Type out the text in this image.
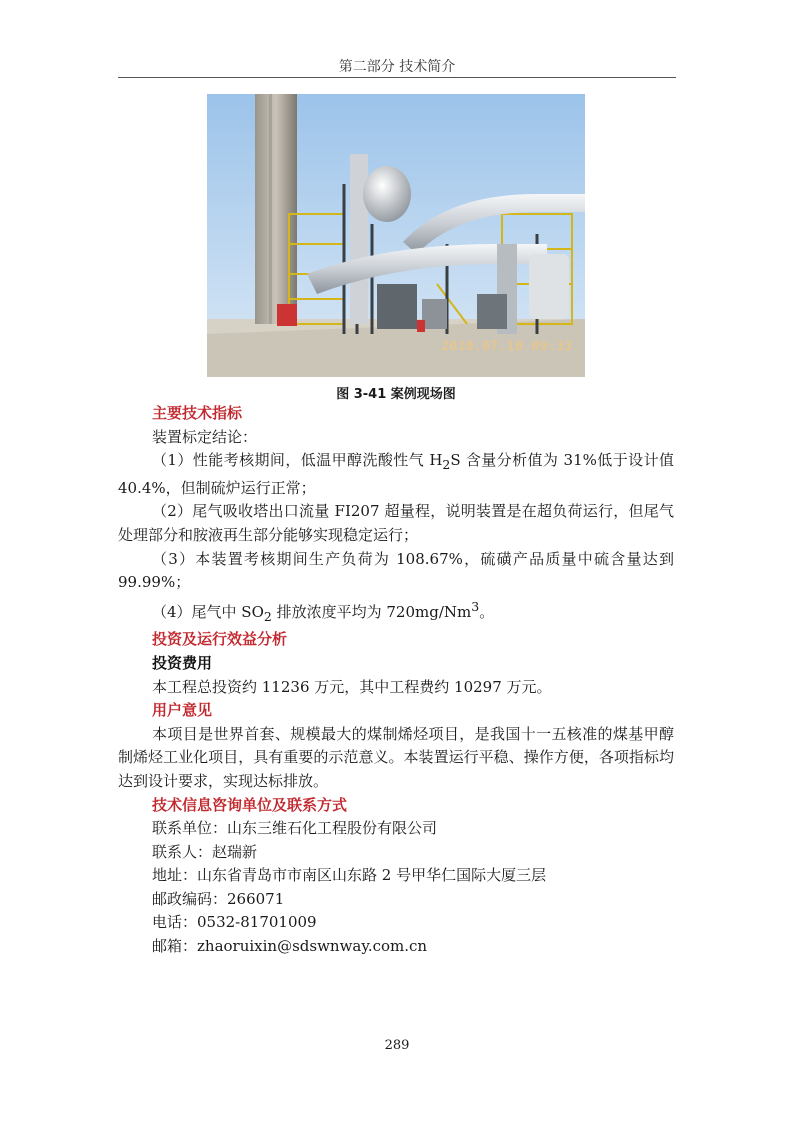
第二部分 技术简介
2010.07.10 09:33
图 3-41 案例现场图

主要技术指标

装置标定结论：

（1）性能考核期间，低温甲醇洗酸性气 $H_2S$ 含量分析值为 31%低于设计值 40.4%，但制硫炉运行正常；

（2）尾气吸收塔出口流量 FI207 超量程，说明装置是在超负荷运行，但尾气处理部分和胺液再生部分能够实现稳定运行；

（3）本装置考核期间生产负荷为 108.67%，硫磺产品质量中硫含量达到 99.99%；

（4）尾气中 $SO_2$ 排放浓度平均为 720mg/Nm$^3$。

投资及运行效益分析

投资费用

本工程总投资约 11236 万元，其中工程费约 10297 万元。

用户意见

本项目是世界首套、规模最大的煤制烯烃项目，是我国十一五核准的煤基甲醇制烯烃工业化项目，具有重要的示范意义。本装置运行平稳、操作方便，各项指标均达到设计要求，实现达标排放。

技术信息咨询单位及联系方式

联系单位：山东三维石化工程股份有限公司

联系人：赵瑞新

地址：山东省青岛市市南区山东路 2 号甲华仁国际大厦三层

邮政编码：266071

电话：0532-81701009

邮箱：zhaoruixin@sdswnway.com.cn

289
